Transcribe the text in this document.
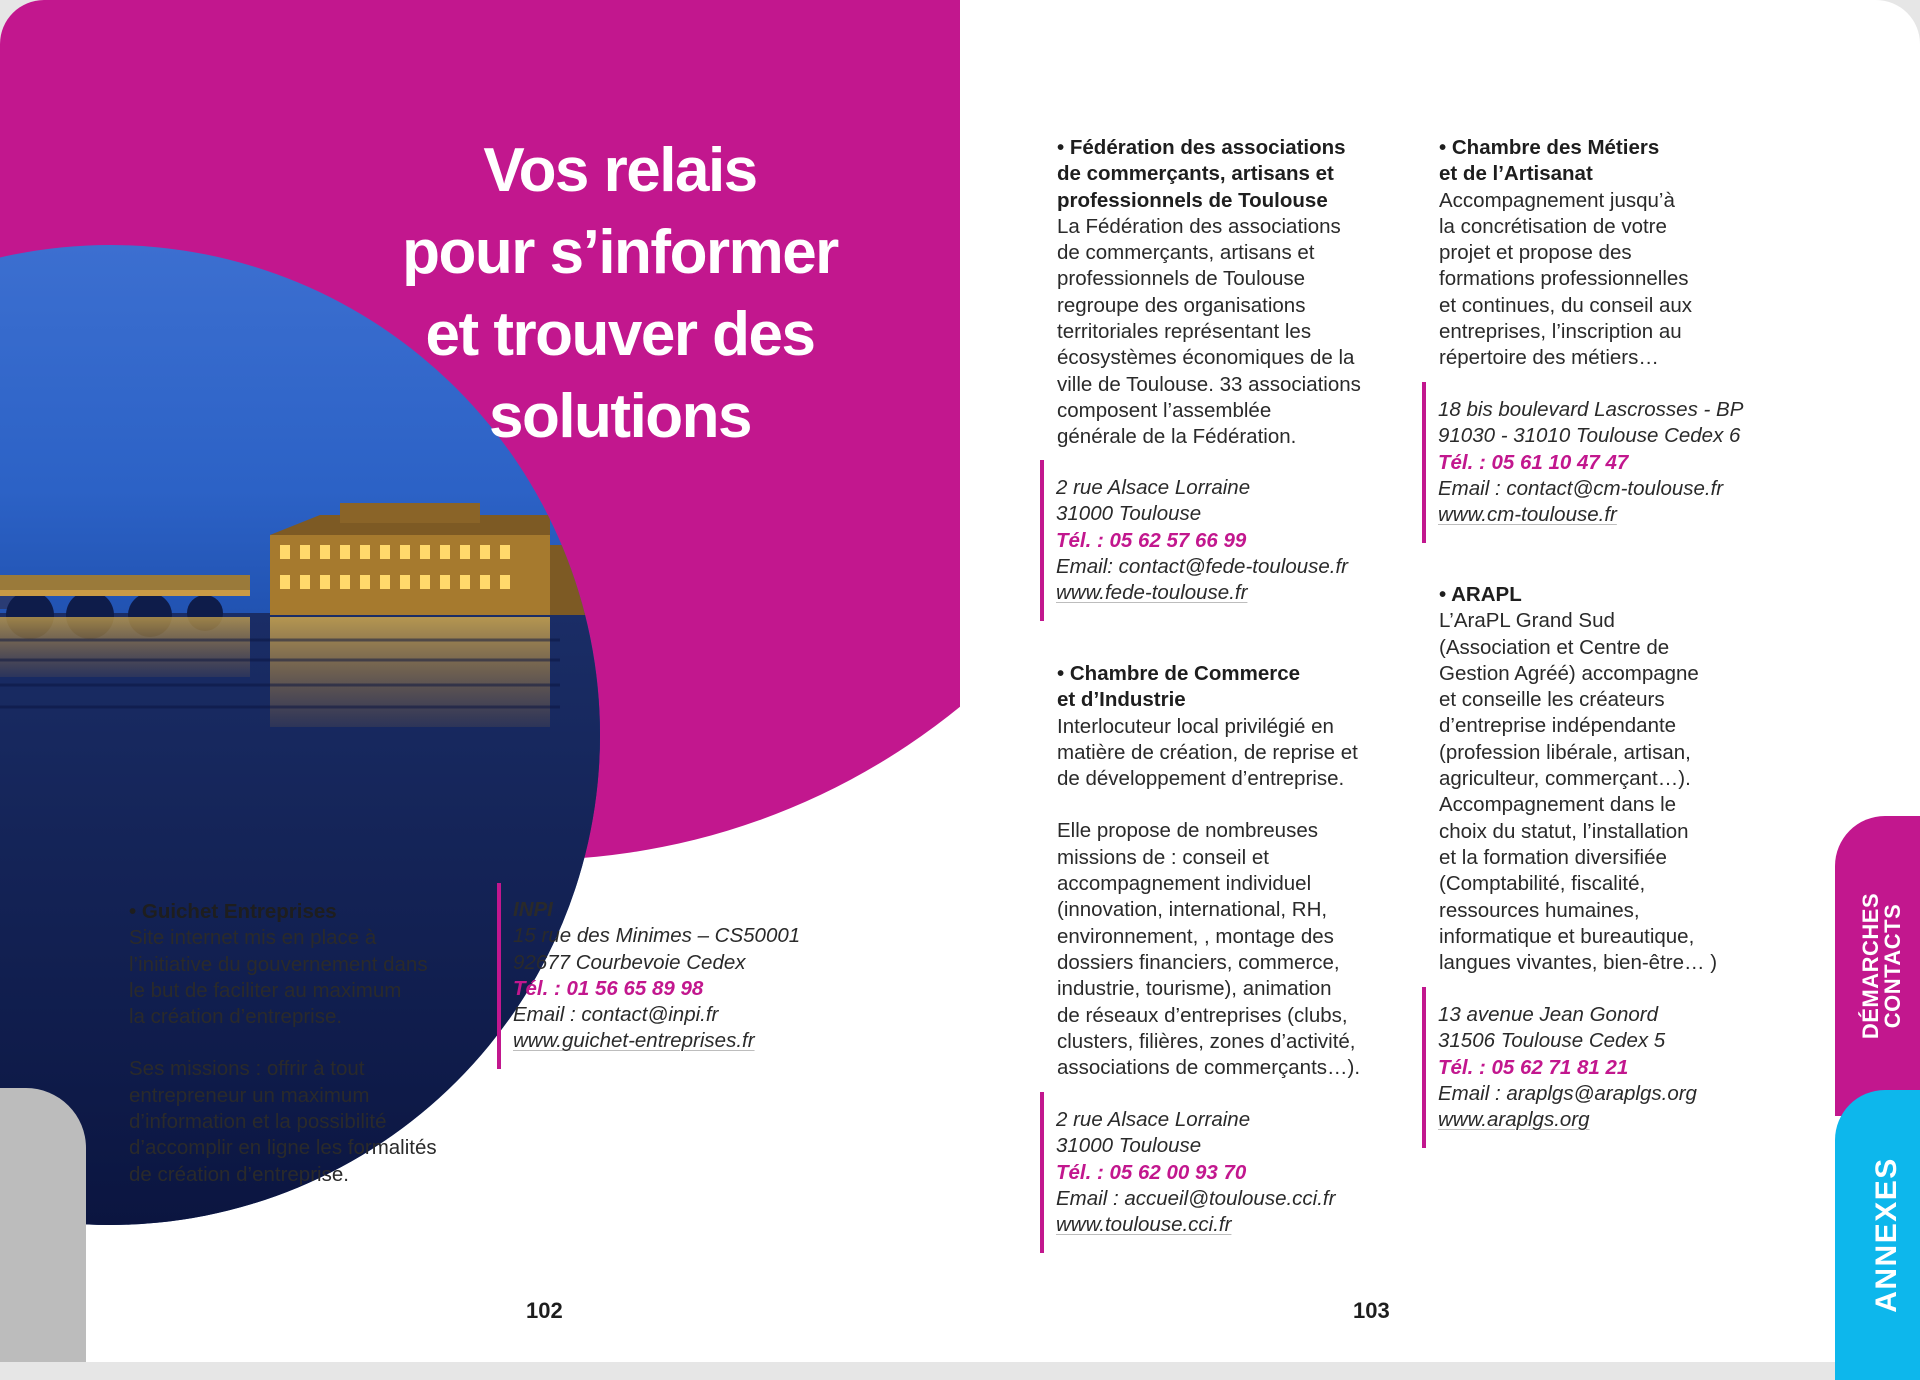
Vos relais
pour s’informer
et trouver des
solutions
• Guichet Entreprises
Site internet mis en place à
l’initiative du gouvernement dans
le but de faciliter au maximum
la création d’entreprise.
Ses missions : offrir à tout
entrepreneur un maximum
d’information et la possibilité
d’accomplir en ligne les formalités
de création d’entreprise.
INPI
15 rue des Minimes – CS50001
92677 Courbevoie Cedex
Tél. : 01 56 65 89 98
Email : contact@inpi.fr
www.guichet-entreprises.fr
102
• Fédération des associations
de commerçants, artisans et
professionnels de Toulouse
La Fédération des associations
de commerçants, artisans et
professionnels de Toulouse
regroupe des organisations
territoriales représentant les
écosystèmes économiques de la
ville de Toulouse. 33 associations
composent l’assemblée
générale de la Fédération.
2 rue Alsace Lorraine
31000 Toulouse
Tél. : 05 62 57 66 99
Email: contact@fede-toulouse.fr
www.fede-toulouse.fr
• Chambre de Commerce
et d’Industrie
Interlocuteur local privilégié en
matière de création, de reprise et
de développement d’entreprise.
Elle propose de nombreuses
missions de : conseil et
accompagnement individuel
(innovation, international, RH,
environnement, , montage des
dossiers financiers, commerce,
industrie, tourisme), animation
de réseaux d’entreprises (clubs,
clusters, filières, zones d’activité,
associations de commerçants…).
2 rue Alsace Lorraine
31000 Toulouse
Tél. : 05 62 00 93 70
Email : accueil@toulouse.cci.fr
www.toulouse.cci.fr
• Chambre des Métiers
et de l’Artisanat
Accompagnement jusqu’à
la concrétisation de votre
projet et propose des
formations professionnelles
et continues, du conseil aux
entreprises, l’inscription au
répertoire des métiers…
18 bis boulevard Lascrosses - BP
91030 - 31010 Toulouse Cedex 6
Tél. : 05 61 10 47 47
Email : contact@cm-toulouse.fr
www.cm-toulouse.fr
• ARAPL
L’AraPL Grand Sud
(Association et Centre de
Gestion Agréé) accompagne
et conseille les créateurs
d’entreprise indépendante
(profession libérale, artisan,
agriculteur, commerçant…).
Accompagnement dans le
choix du statut, l’installation
et la formation diversifiée
(Comptabilité, fiscalité,
ressources humaines,
informatique et bureautique,
langues vivantes, bien-être… )
13 avenue Jean Gonord
31506 Toulouse Cedex 5
Tél. : 05 62 71 81 21
Email : araplgs@araplgs.org
www.araplgs.org
103
DÉMARCHES
CONTACTS
ANNEXES
